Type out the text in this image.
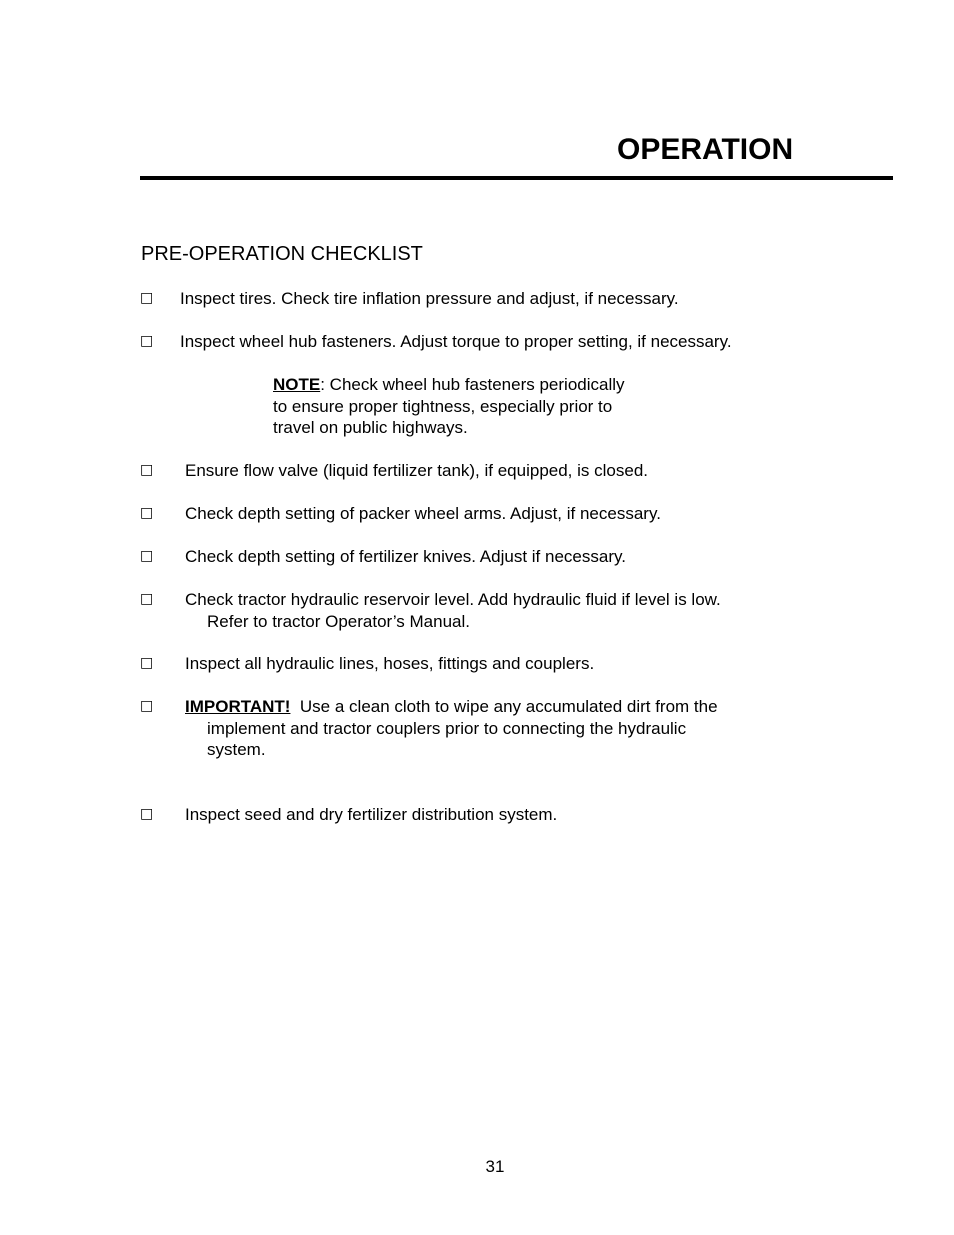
OPERATION
PRE-OPERATION CHECKLIST
□ Inspect tires. Check tire inflation pressure and adjust, if necessary.
□ Inspect wheel hub fasteners. Adjust torque to proper setting, if necessary.
NOTE: Check wheel hub fasteners periodically
to ensure proper tightness, especially prior to
travel on public highways.
□ Ensure flow valve (liquid fertilizer tank), if equipped, is closed.
□ Check depth setting of packer wheel arms. Adjust, if necessary.
□ Check depth setting of fertilizer knives. Adjust if necessary.
□ Check tractor hydraulic reservoir level. Add hydraulic fluid if level is low.
Refer to tractor Operator’s Manual.
□ Inspect all hydraulic lines, hoses, fittings and couplers.
□ IMPORTANT! Use a clean cloth to wipe any accumulated dirt from the
implement and tractor couplers prior to connecting the hydraulic
system.
□ Inspect seed and dry fertilizer distribution system.
31
